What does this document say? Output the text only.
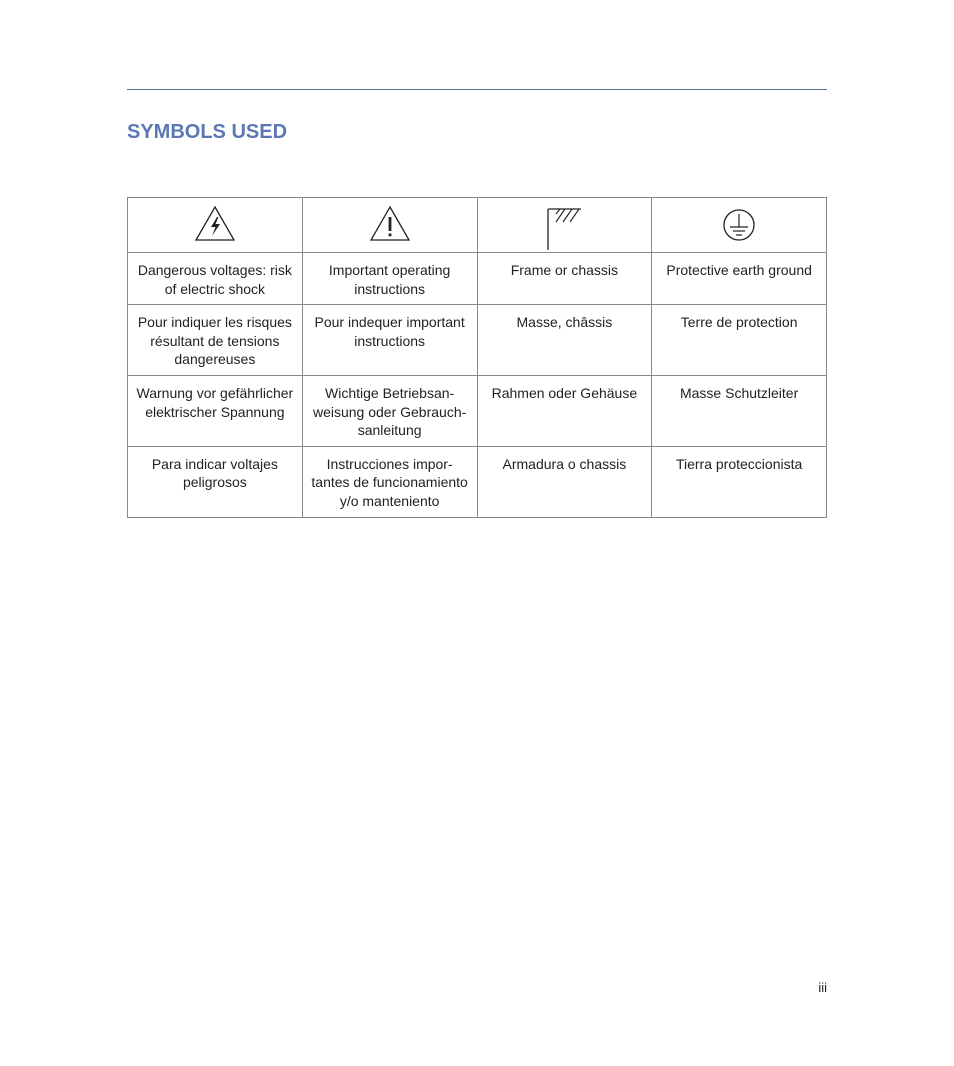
SYMBOLS USED

Dangerous voltages: risk of electric shock	Important operating instructions	Frame or chassis	Protective earth ground
Pour indiquer les risques résultant de tensions dangereuses	Pour indequer important instructions	Masse, châssis	Terre de protection
Warnung vor gefährlicher elektrischer Spannung	Wichtige Betriebsan-weisung oder Gebrauch-sanleitung	Rahmen oder Gehäuse	Masse Schutzleiter
Para indicar voltajes peligrosos	Instrucciones impor-tantes de funcionamiento y/o manteniento	Armadura o chassis	Tierra proteccionista
iii
